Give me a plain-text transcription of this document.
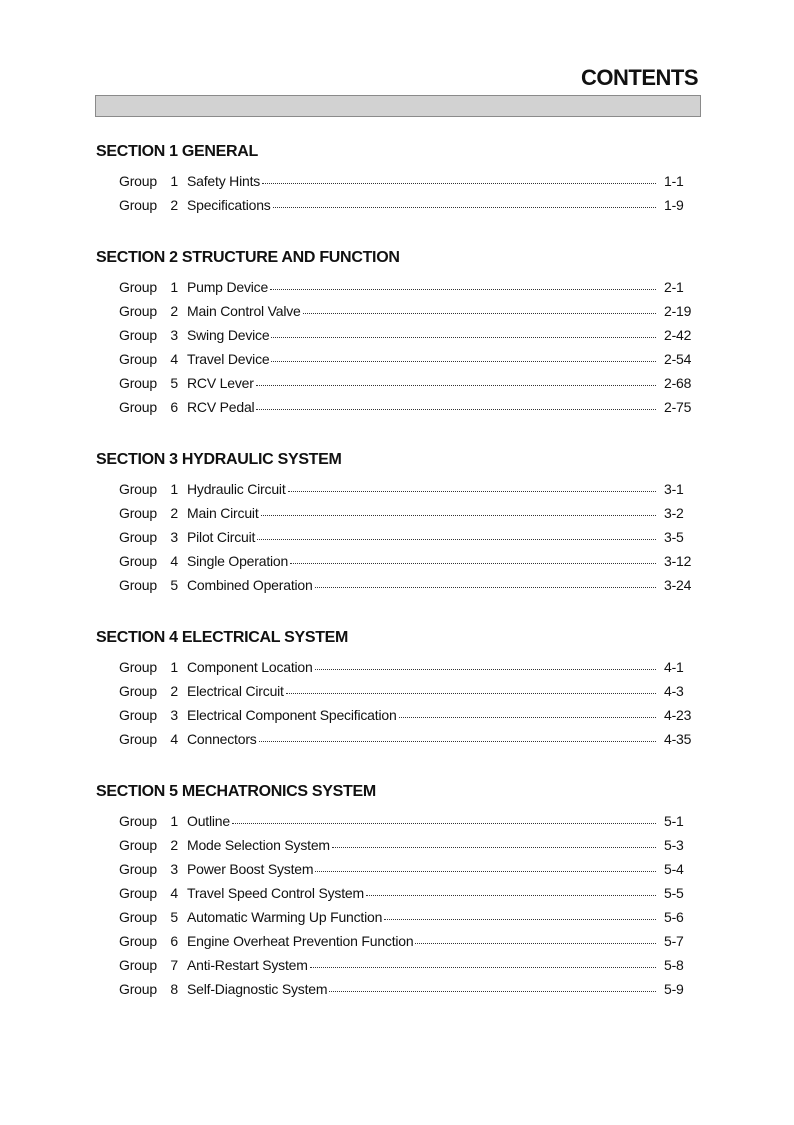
CONTENTS
SECTION 1 GENERAL
Group 1 Safety Hints	1-1
Group 2 Specifications	1-9
SECTION 2 STRUCTURE AND FUNCTION
Group 1 Pump Device	2-1
Group 2 Main Control Valve	2-19
Group 3 Swing Device	2-42
Group 4 Travel Device	2-54
Group 5 RCV Lever	2-68
Group 6 RCV Pedal	2-75
SECTION 3 HYDRAULIC SYSTEM
Group 1 Hydraulic Circuit	3-1
Group 2 Main Circuit	3-2
Group 3 Pilot Circuit	3-5
Group 4 Single Operation	3-12
Group 5 Combined Operation	3-24
SECTION 4 ELECTRICAL SYSTEM
Group 1 Component Location	4-1
Group 2 Electrical Circuit	4-3
Group 3 Electrical Component Specification	4-23
Group 4 Connectors	4-35
SECTION 5 MECHATRONICS SYSTEM
Group 1 Outline	5-1
Group 2 Mode Selection System	5-3
Group 3 Power Boost System	5-4
Group 4 Travel Speed Control System	5-5
Group 5 Automatic Warming Up Function	5-6
Group 6 Engine Overheat Prevention Function	5-7
Group 7 Anti-Restart System	5-8
Group 8 Self-Diagnostic System	5-9
